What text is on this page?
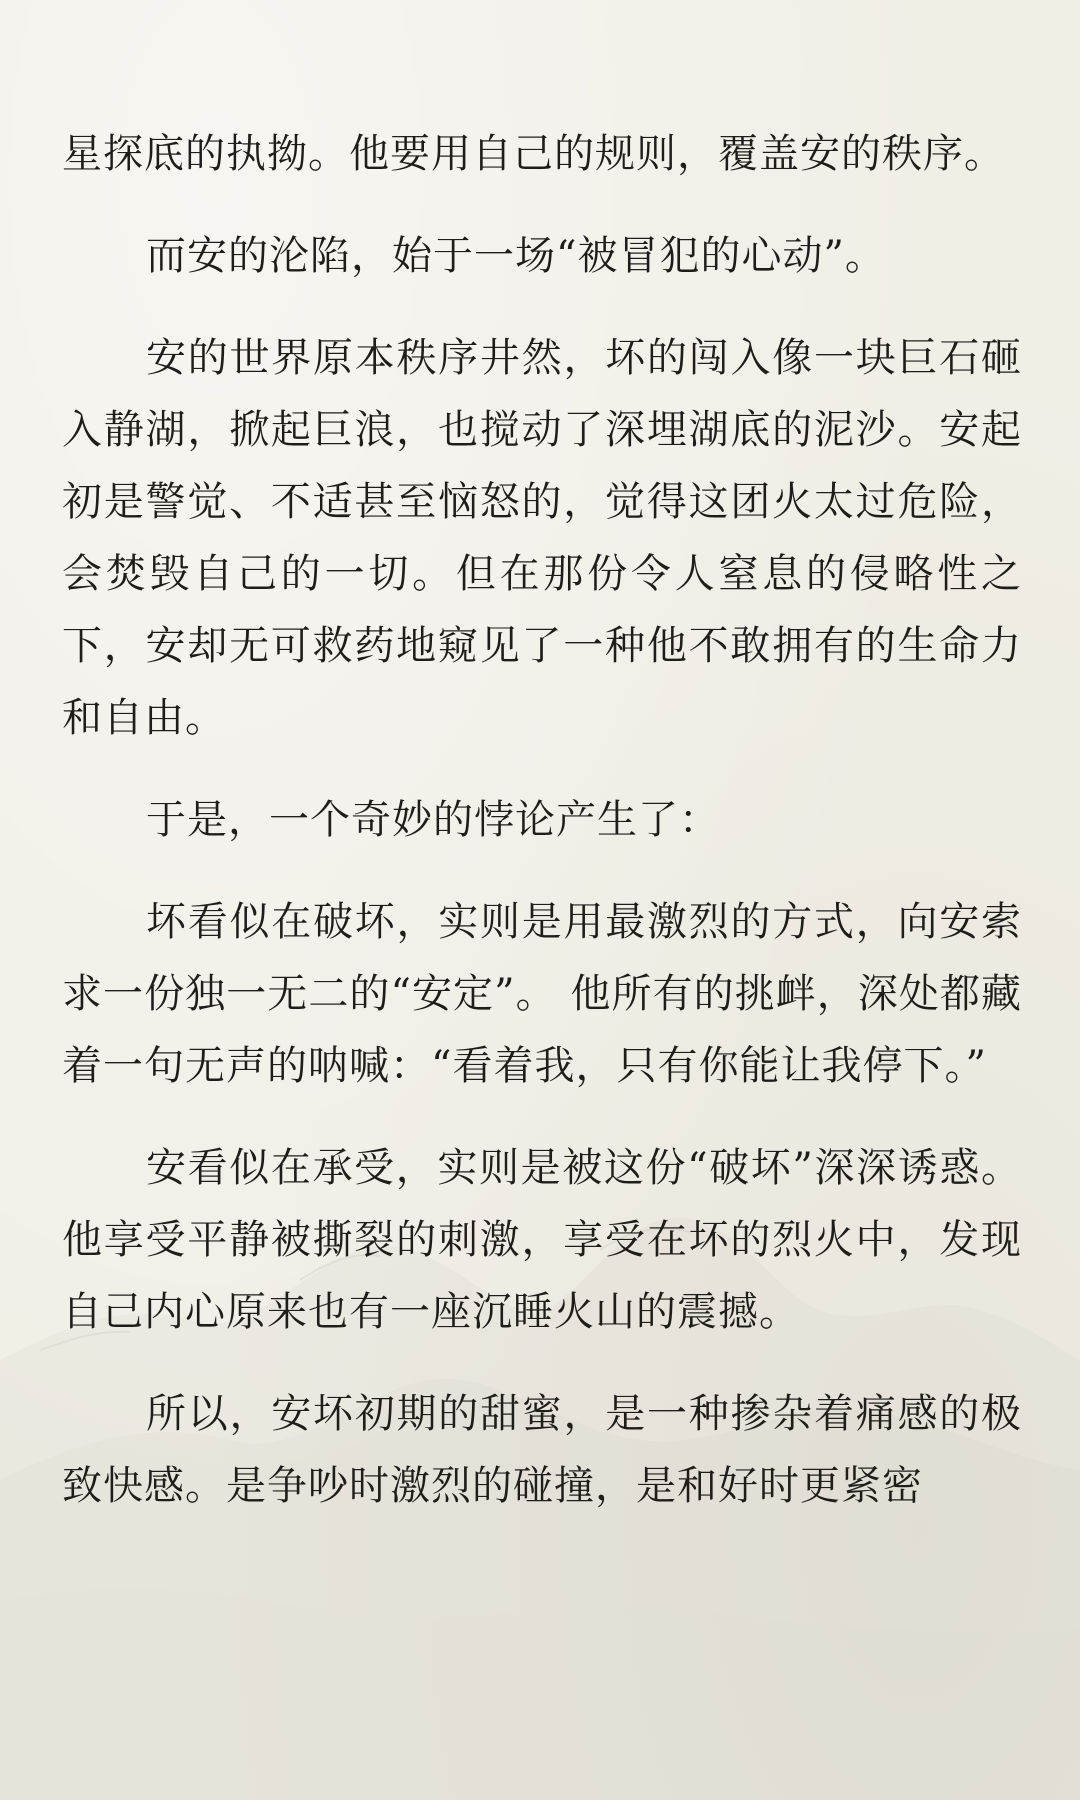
星探底的执拗。他要用自己的规则，覆盖安的秩序。

而安的沦陷，始于一场“被冒犯的心动”。

安的世界原本秩序井然，坏的闯入像一块巨石砸入静湖，掀起巨浪，也搅动了深埋湖底的泥沙。安起初是警觉、不适甚至恼怒的，觉得这团火太过危险，会焚毁自己的一切。但在那份令人窒息的侵略性之下，安却无可救药地窥见了一种他不敢拥有的生命力和自由。

于是，一个奇妙的悖论产生了：

坏看似在破坏，实则是用最激烈的方式，向安索求一份独一无二的“安定”。 他所有的挑衅，深处都藏着一句无声的呐喊：“看着我，只有你能让我停下。”

安看似在承受，实则是被这份“破坏”深深诱惑。 他享受平静被撕裂的刺激，享受在坏的烈火中，发现自己内心原来也有一座沉睡火山的震撼。

所以，安坏初期的甜蜜，是一种掺杂着痛感的极致快感。是争吵时激烈的碰撞，是和好时更紧密
